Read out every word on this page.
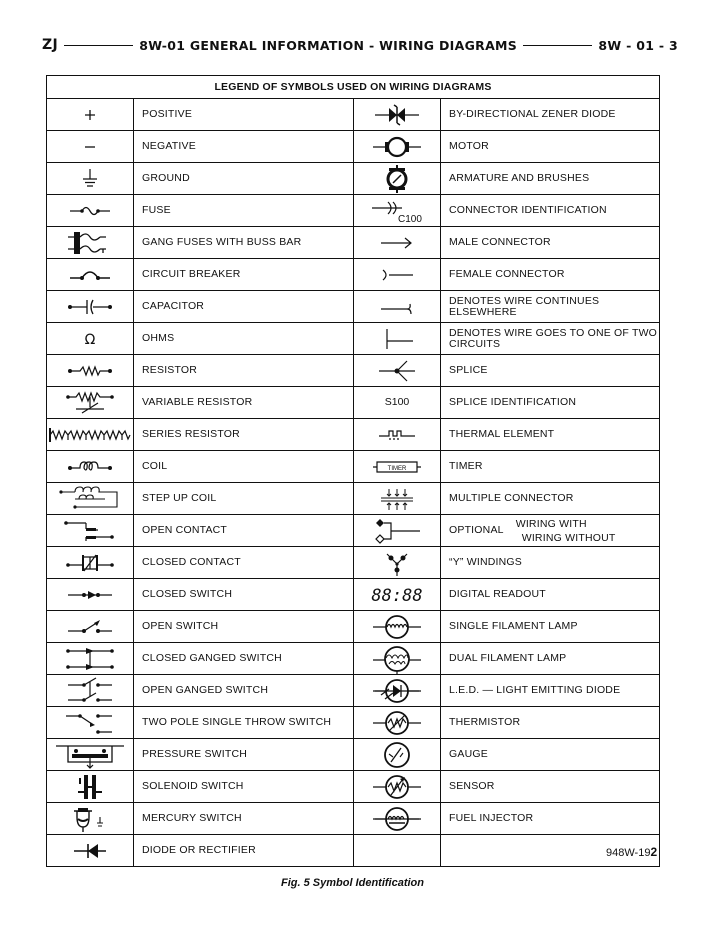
ZJ	8W-01 GENERAL INFORMATION - WIRING DIAGRAMS	8W - 01 - 3
LEGEND OF SYMBOLS USED ON WIRING DIAGRAMS			
	POSITIVE		BY-DIRECTIONAL ZENER DIODE
	NEGATIVE		MOTOR
	GROUND		ARMATURE AND BRUSHES
	FUSE	C100	CONNECTOR IDENTIFICATION
	GANG FUSES WITH BUSS BAR		MALE CONNECTOR
	CIRCUIT BREAKER		FEMALE CONNECTOR
	CAPACITOR		DENOTES WIRE CONTINUES ELSEWHERE

Ω	OHMS		DENOTES WIRE GOES TO ONE OF TWO CIRCUITS
	RESISTOR		SPLICE
	VARIABLE RESISTOR	S100	SPLICE IDENTIFICATION
	SERIES RESISTOR		THERMAL ELEMENT
	COIL	TIMER	TIMER
	STEP UP COIL		MULTIPLE CONNECTOR
	OPEN CONTACT		OPTIONAL
WIRING WITH
WIRING WITHOUT

	CLOSED CONTACT		“Y” WINDINGS
	CLOSED SWITCH	88:88	DIGITAL READOUT
	OPEN SWITCH		SINGLE FILAMENT LAMP
	CLOSED GANGED SWITCH		DUAL FILAMENT LAMP
	OPEN GANGED SWITCH		L.E.D. — LIGHT EMITTING DIODE
	TWO POLE SINGLE THROW SWITCH		THERMISTOR
	PRESSURE SWITCH		GAUGE
	SOLENOID SWITCH		SENSOR
	MERCURY SWITCH		FUEL INJECTOR
	DIODE OR RECTIFIER			948W-192
Fig. 5 Symbol Identification
